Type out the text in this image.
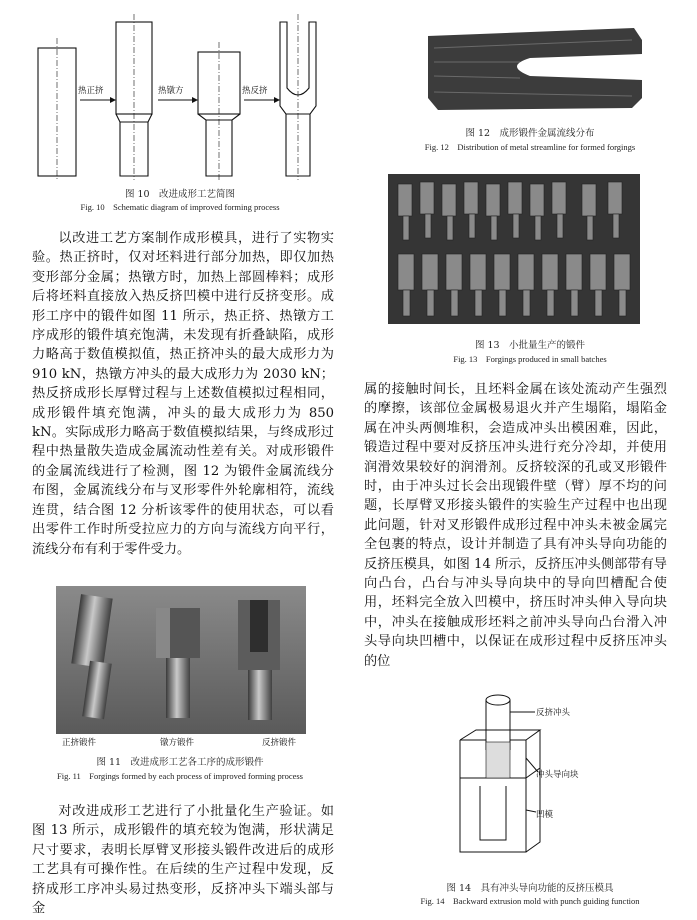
热正挤	热镦方	热反挤
图 10　改进成形工艺简图
Fig. 10　Schematic diagram of improved forming process

以改进工艺方案制作成形模具，进行了实物实验。热正挤时，仅对坯料进行部分加热，即仅加热变形部分金属；热镦方时，加热上部圆棒料；成形后将坯料直接放入热反挤凹模中进行反挤变形。成形工序中的锻件如图 11 所示，热正挤、热镦方工序成形的锻件填充饱满，未发现有折叠缺陷，成形力略高于数值模拟值，热正挤冲头的最大成形力为 910 kN，热镦方冲头的最大成形力为 2030 kN；热反挤成形长厚臂过程与上述数值模拟过程相同，成形锻件填充饱满，冲头的最大成形力为 850 kN。实际成形力略高于数值模拟结果，与终成形过程中热量散失造成金属流动性差有关。对成形锻件的金属流线进行了检测，图 12 为锻件金属流线分布图，金属流线分布与叉形零件外轮廓相符，流线连贯，结合图 12 分析该零件的使用状态，可以看出零件工作时所受拉应力的方向与流线方向平行，流线分布有利于零件受力。

正挤锻件	镦方锻件	反挤锻件
图 11　改进成形工艺各工序的成形锻件
Fig. 11　Forgings formed by each process of improved forming process

对改进成形工艺进行了小批量化生产验证。如图 13 所示，成形锻件的填充较为饱满，形状满足尺寸要求，表明长厚臂叉形接头锻件改进后的成形工艺具有可操作性。在后续的生产过程中发现，反挤成形工序冲头易过热变形，反挤冲头下端头部与金

图 12　成形锻件金属流线分布
Fig. 12　Distribution of metal streamline for formed forgings
图 13　小批量生产的锻件
Fig. 13　Forgings produced in small batches

属的接触时间长，且坯料金属在该处流动产生强烈的摩擦，该部位金属极易退火并产生塌陷，塌陷金属在冲头两侧堆积，会造成冲头出模困难，因此，锻造过程中要对反挤压冲头进行充分冷却，并使用润滑效果较好的润滑剂。反挤较深的孔或叉形锻件时，由于冲头过长会出现锻件壁（臂）厚不均的问题，长厚臂叉形接头锻件的实验生产过程中也出现此问题，针对叉形锻件成形过程中冲头未被金属完全包裹的特点，设计并制造了具有冲头导向功能的反挤压模具，如图 14 所示，反挤压冲头侧部带有导向凸台，凸台与冲头导向块中的导向凹槽配合使用，坯料完全放入凹模中，挤压时冲头伸入导向块中，冲头在接触成形坯料之前冲头导向凸台滑入冲头导向块凹槽中，以保证在成形过程中反挤压冲头的位

反挤冲头
冲头导向块
凹模
图 14　具有冲头导向功能的反挤压模具
Fig. 14　Backward extrusion mold with punch guiding function
